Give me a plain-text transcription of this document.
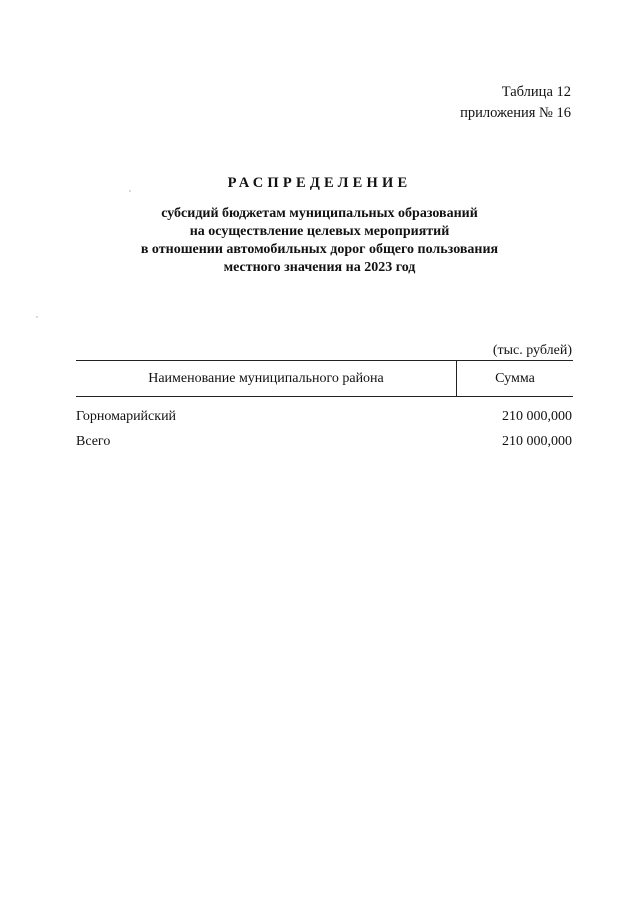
Таблица 12
приложения № 16
РАСПРЕДЕЛЕНИЕ
субсидий бюджетам муниципальных образований
на осуществление целевых мероприятий
в отношении автомобильных дорог общего пользования
местного значения на 2023 год
(тыс. рублей)
Наименование муниципального района	Сумма
Горномарийский	210 000,000
Всего	210 000,000
